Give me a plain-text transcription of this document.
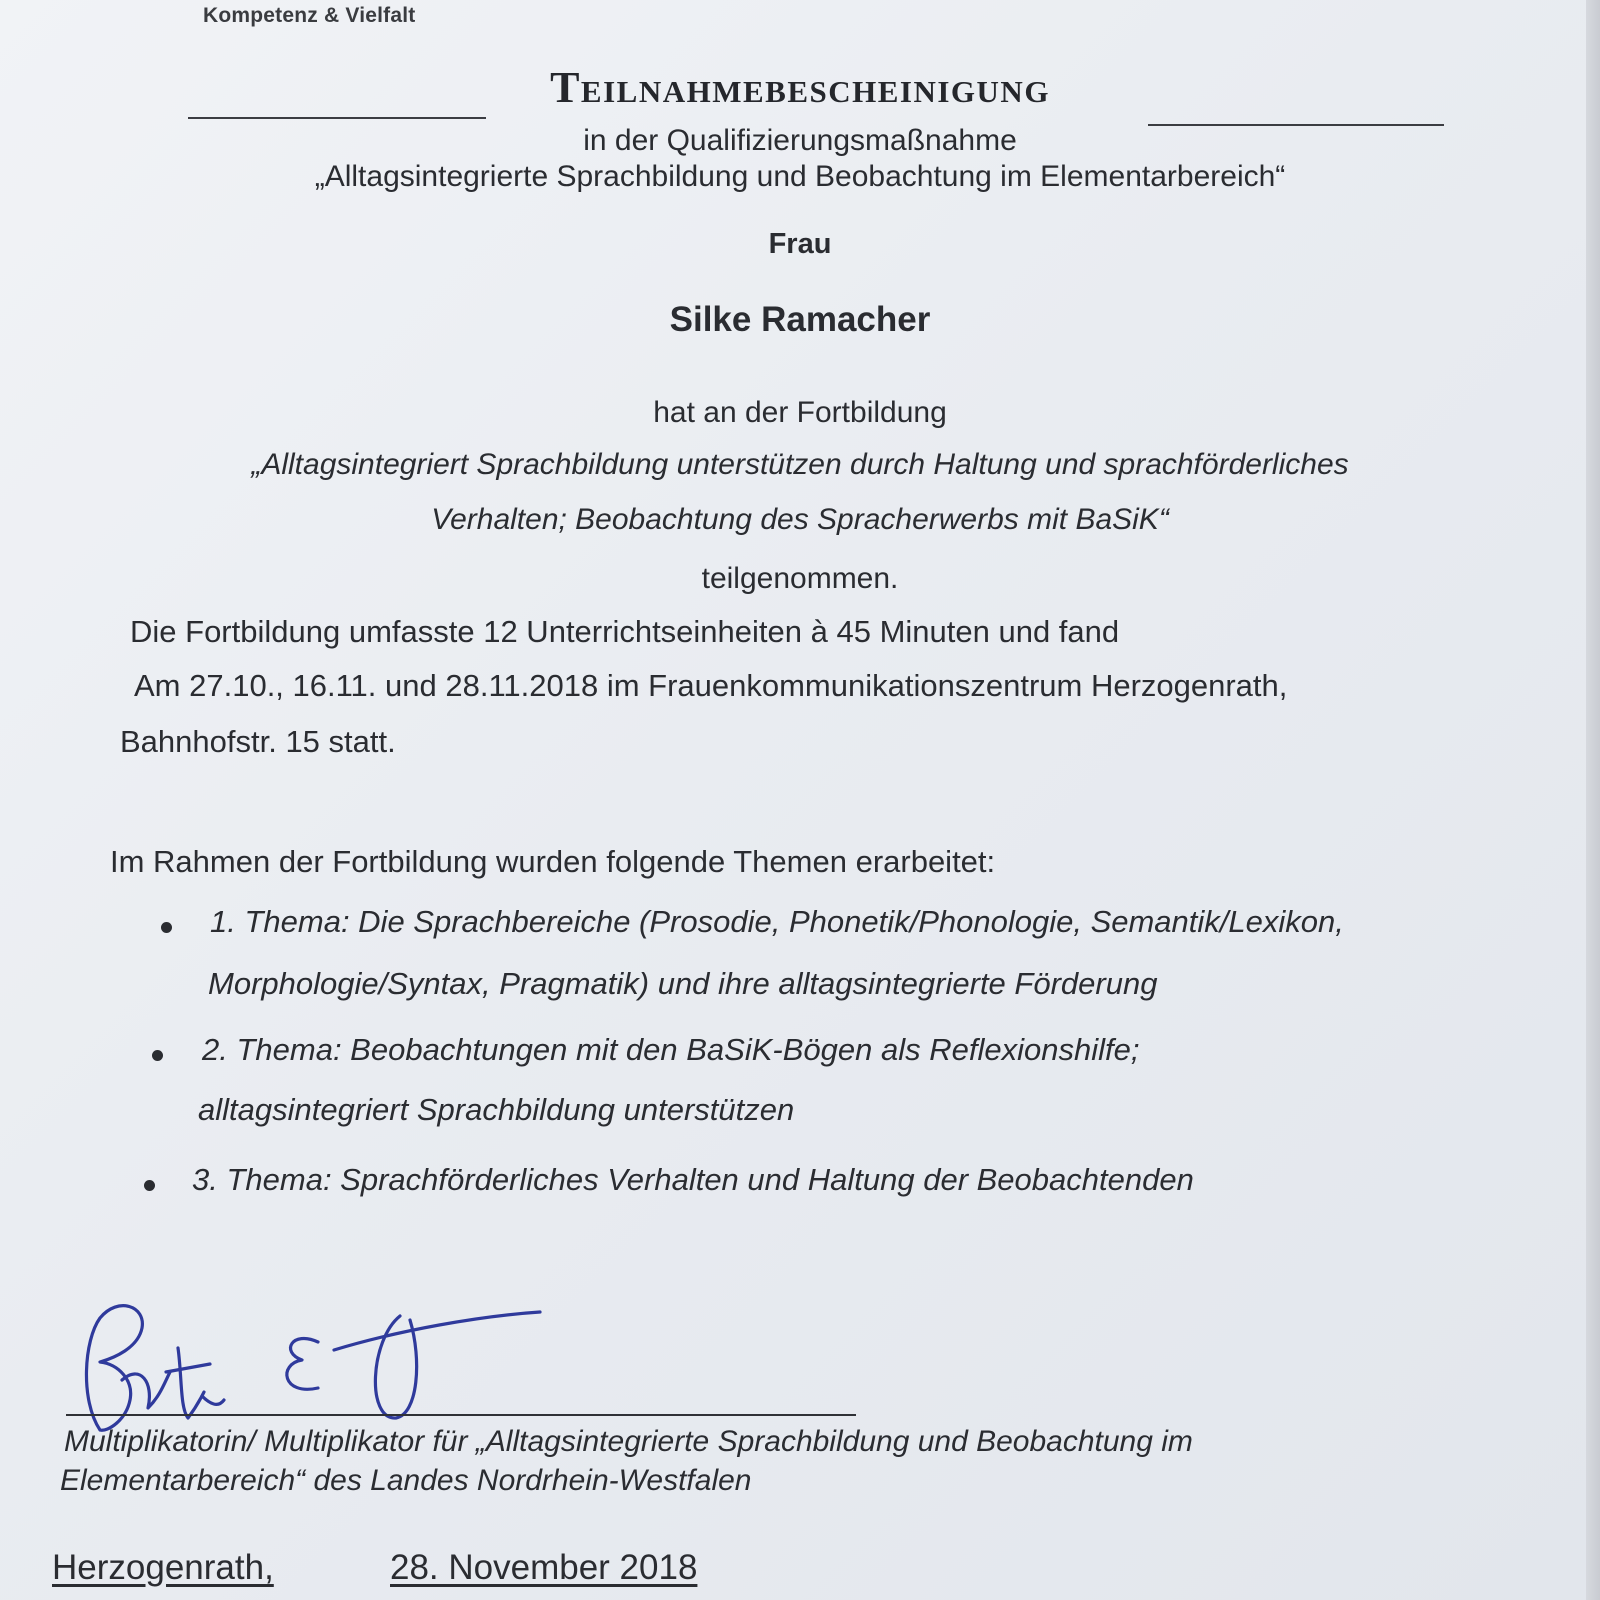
Kompetenz & Vielfalt
Teilnahmebescheinigung
in der Qualifizierungsmaßnahme
„Alltagsintegrierte Sprachbildung und Beobachtung im Elementarbereich“
Frau
Silke Ramacher
hat an der Fortbildung
„Alltagsintegriert Sprachbildung unterstützen durch Haltung und sprachförderliches
Verhalten; Beobachtung des Spracherwerbs mit BaSiK“
teilgenommen.
Die Fortbildung umfasste 12 Unterrichtseinheiten à 45 Minuten und fand
Am 27.10., 16.11. und 28.11.2018 im Frauenkommunikationszentrum Herzogenrath,
Bahnhofstr. 15 statt.
Im Rahmen der Fortbildung wurden folgende Themen erarbeitet:
1. Thema: Die Sprachbereiche (Prosodie, Phonetik/Phonologie, Semantik/Lexikon,
Morphologie/Syntax, Pragmatik) und ihre alltagsintegrierte Förderung
2. Thema: Beobachtungen mit den BaSiK-Bögen als Reflexionshilfe;
alltagsintegriert Sprachbildung unterstützen
3. Thema: Sprachförderliches Verhalten und Haltung der Beobachtenden
Multiplikatorin/ Multiplikator für „Alltagsintegrierte Sprachbildung und Beobachtung im
Elementarbereich“ des Landes Nordrhein-Westfalen
Herzogenrath,	28. November 2018
